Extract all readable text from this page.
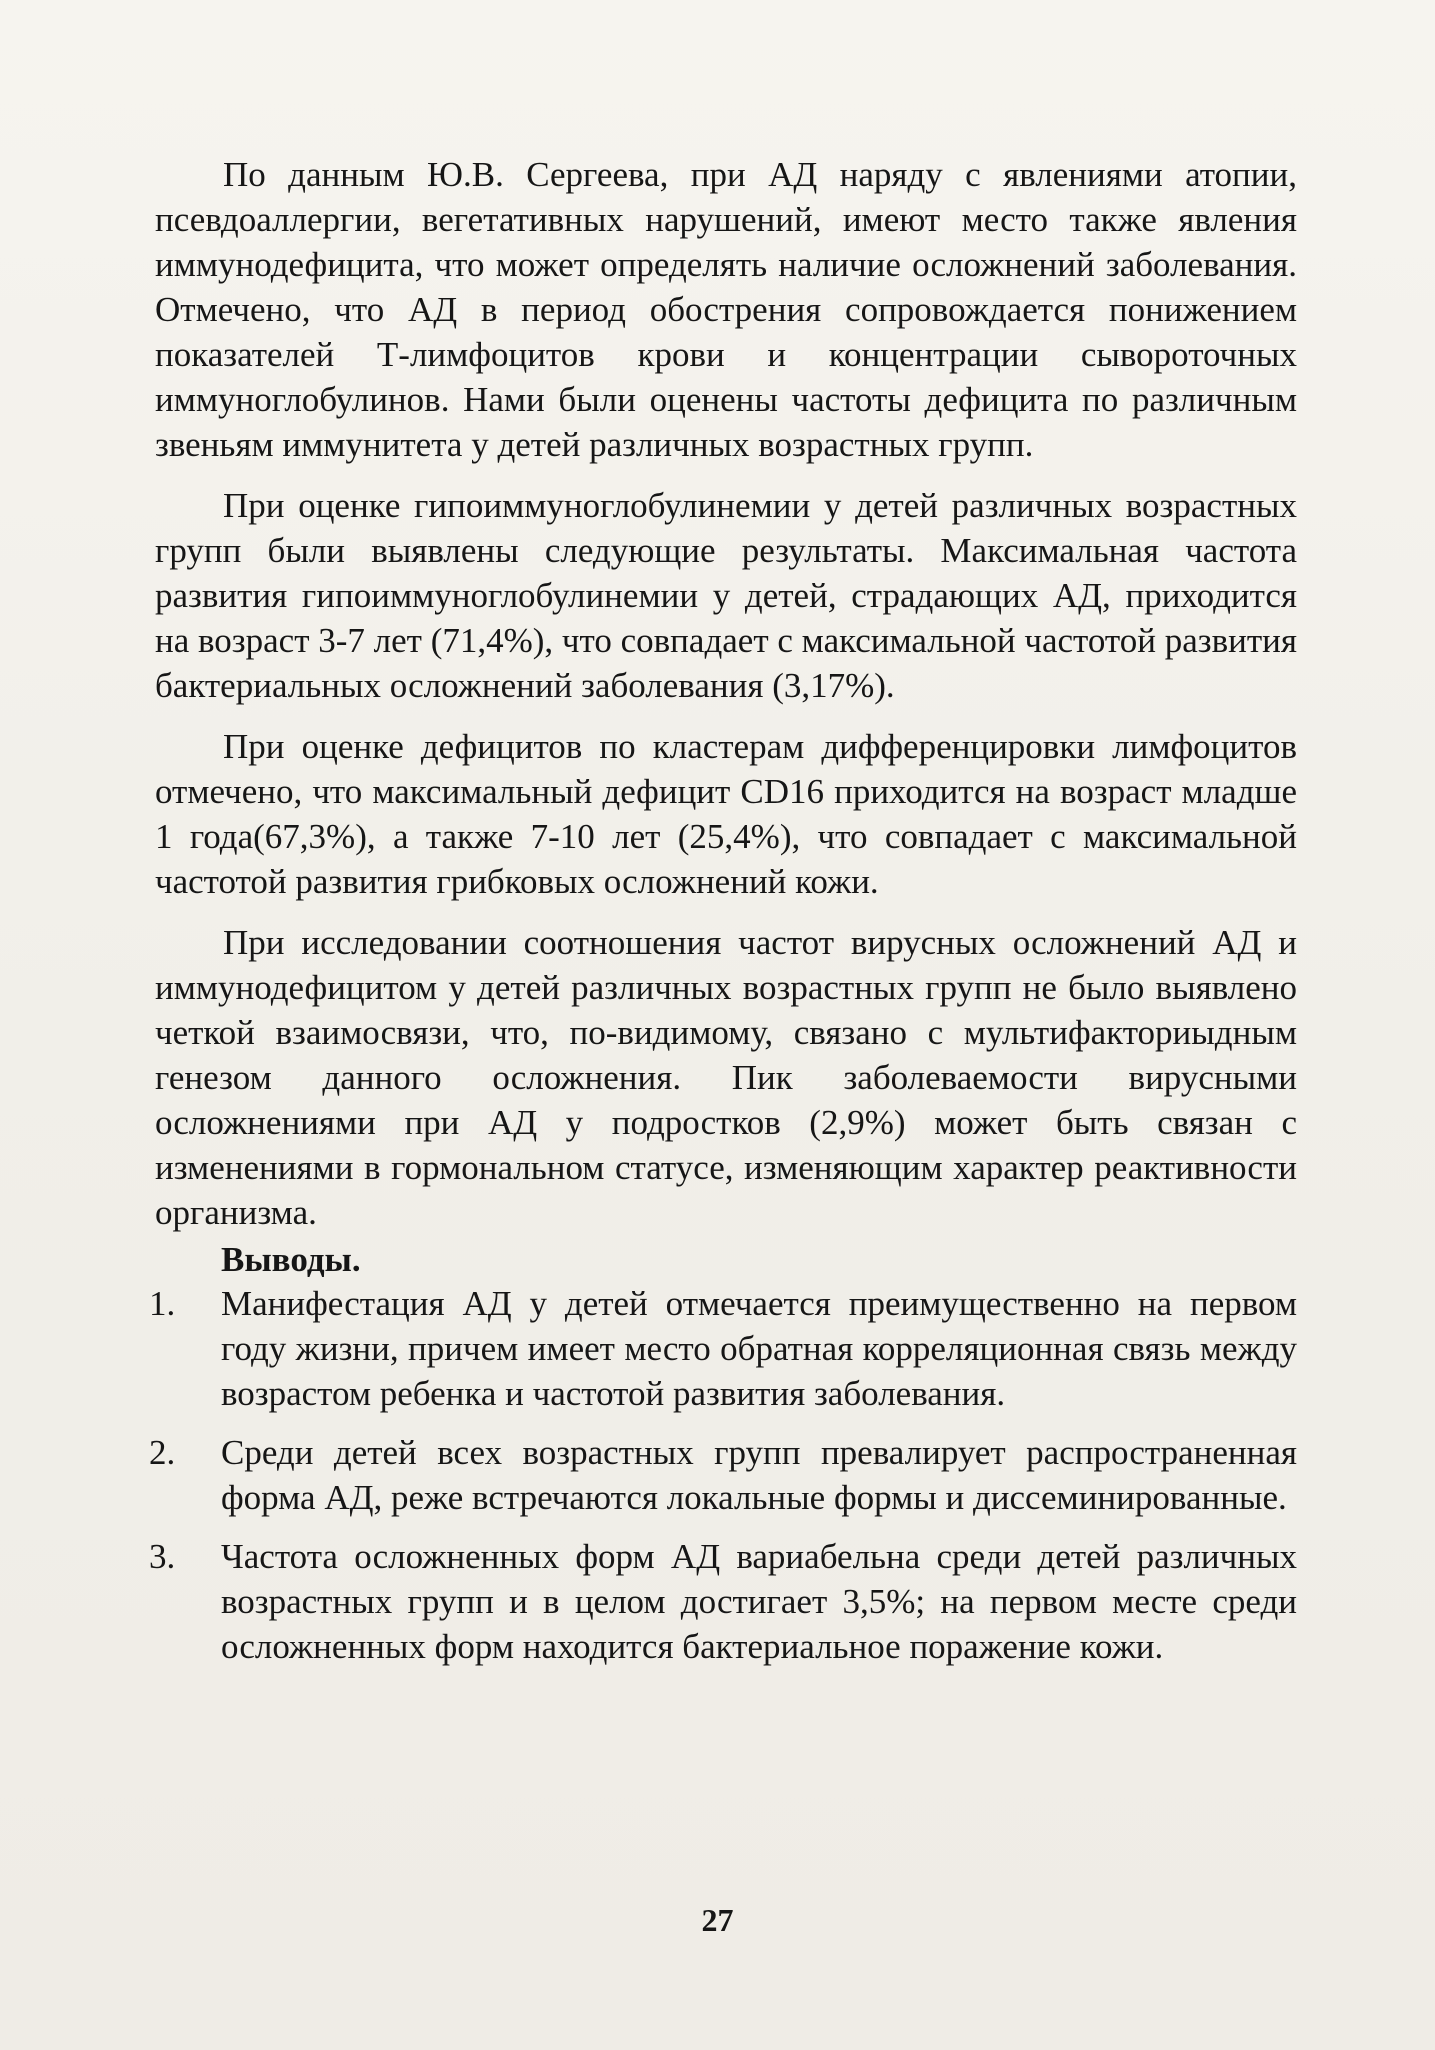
По данным Ю.В. Сергеева, при АД наряду с явлениями атопии, псевдоаллергии, вегетативных нарушений, имеют место также явления иммунодефицита, что может определять наличие осложнений заболевания. Отмечено, что АД в период обострения сопровождается понижением показателей Т-лимфоцитов крови и концентрации сывороточных иммуноглобулинов. Нами были оценены частоты дефицита по различным звеньям иммунитета у детей различных возрастных групп.

При оценке гипоиммуноглобулинемии у детей различных возрастных групп были выявлены следующие результаты. Максимальная частота развития гипоиммуноглобулинемии у детей, страдающих АД, приходится на возраст 3-7 лет (71,4%), что совпадает с максимальной частотой развития бактериальных осложнений заболевания (3,17%).

При оценке дефицитов по кластерам дифференцировки лимфоцитов отмечено, что максимальный дефицит CD16 приходится на возраст младше 1 года(67,3%), а также 7-10 лет (25,4%), что совпадает с максимальной частотой развития грибковых осложнений кожи.

При исследовании соотношения частот вирусных осложнений АД и иммунодефицитом у детей различных возрастных групп не было выявлено четкой взаимосвязи, что, по-видимому, связано с мультифакториыдным генезом данного осложнения. Пик заболеваемости вирусными осложнениями при АД у подростков (2,9%) может быть связан с изменениями в гормональном статусе, изменяющим характер реактивности организма.

Выводы.
1. Манифестация АД у детей отмечается преимущественно на первом году жизни, причем имеет место обратная корреляционная связь между возрастом ребенка и частотой развития заболевания.
2. Среди детей всех возрастных групп превалирует распространенная форма АД, реже встречаются локальные формы и диссеминированные.
3. Частота осложненных форм АД вариабельна среди детей различных возрастных групп и в целом достигает 3,5%; на первом месте среди осложненных форм находится бактериальное поражение кожи.
27
